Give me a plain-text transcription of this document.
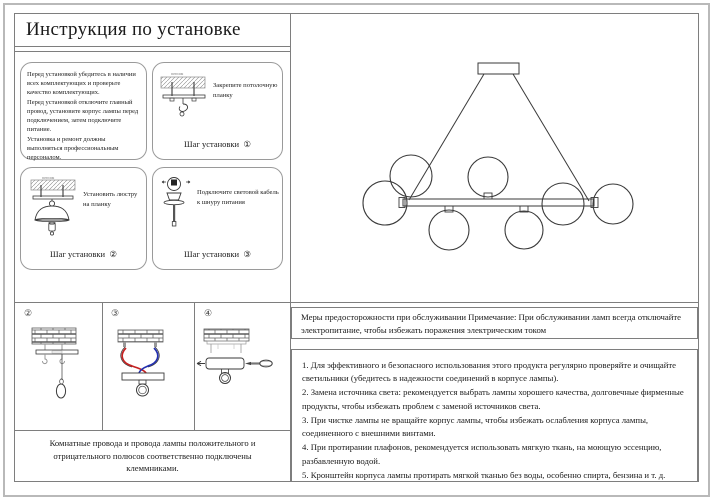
Инструкция по установке
Перед установкой убедитесь в наличии всех комплектующих и проверьте качество комплектующих.
Перед установкой отключите главный провод, установите корпус лампы перед подключением, затем подключите питание.
Установка и ремонт должны выполняться профессиональным персоналом.
потолок
Закрепите потолочную планку
Шаг установки ①
потолок
Установить люстру на планку
Шаг установки ②
Подключите световой кабель к шнуру питания
Шаг установки ③
②	③	④
Комнатные провода и провода лампы положительного и отрицательного полюсов соответственно подключены клеммниками.
Меры предосторожности при обслуживании Примечание: При обслуживании ламп всегда отключайте электропитание, чтобы избежать поражения электрическим током
1. Для эффективного и безопасного использования этого продукта регулярно проверяйте и очищайте светильники (убедитесь в надежности соединений в корпусе лампы).
2. Замена источника света: рекомендуется выбрать лампы хорошего качества, долговечные фирменные продукты, чтобы избежать проблем с заменой источников света.
3. При чистке лампы не вращайте корпус лампы, чтобы избежать ослабления корпуса лампы, соединенного с внешними винтами.
4. При протирании плафонов, рекомендуется использовать мягкую ткань, на моющую эссенцию, разбавленную водой.
5. Кронштейн корпуса лампы протирать мягкой тканью без воды, особенно спирта, бензина и т. д.
